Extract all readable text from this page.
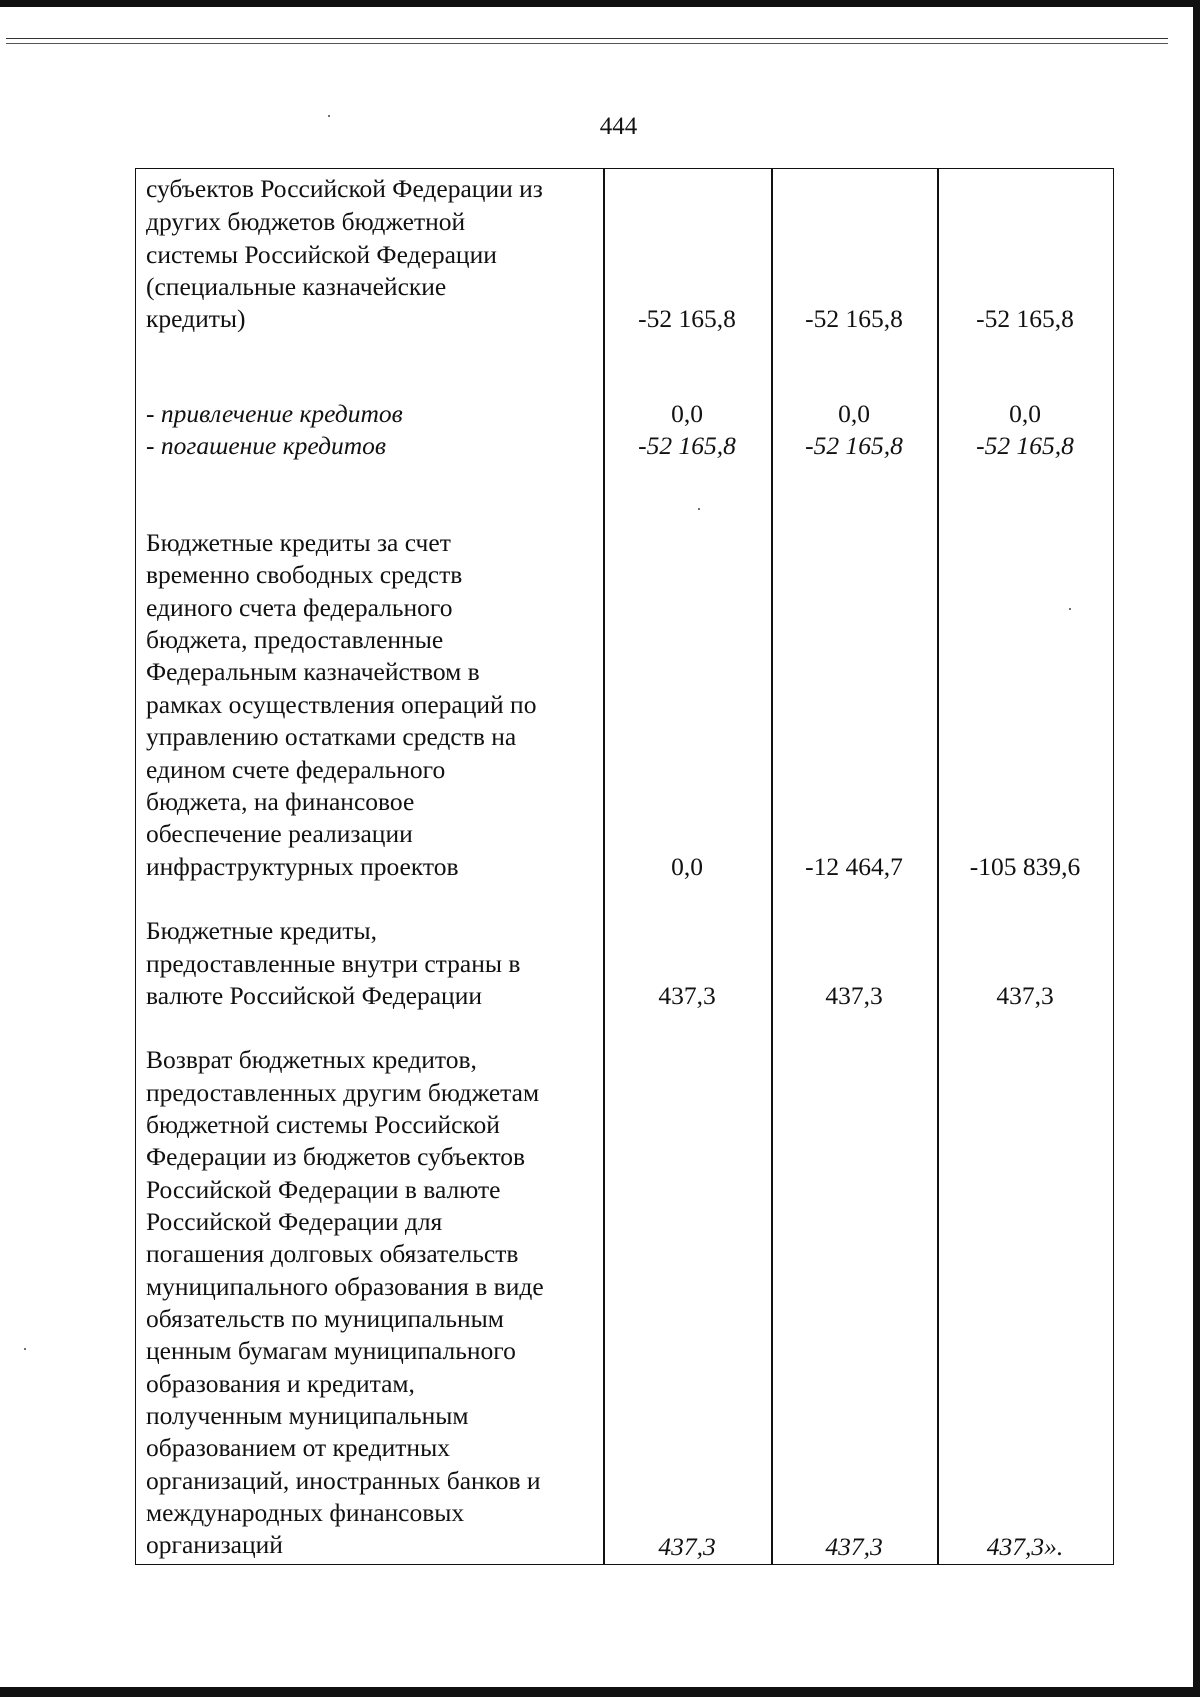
444
субъектов Российской Федерации из
других бюджетов бюджетной
системы Российской Федерации
(специальные казначейские
кредиты)	-52 165,8	-52 165,8	-52 165,8
- привлечение кредитов	0,0	0,0	0,0
- погашение кредитов	-52 165,8	-52 165,8	-52 165,8
Бюджетные кредиты за счет
временно свободных средств
единого счета федерального
бюджета, предоставленные
Федеральным казначейством в
рамках осуществления операций по
управлению остатками средств на
едином счете федерального
бюджета, на финансовое
обеспечение реализации
инфраструктурных проектов	0,0	-12 464,7	-105 839,6
Бюджетные кредиты,
предоставленные внутри страны в
валюте Российской Федерации	437,3	437,3	437,3
Возврат бюджетных кредитов,
предоставленных другим бюджетам
бюджетной системы Российской
Федерации из бюджетов субъектов
Российской Федерации в валюте
Российской Федерации для
погашения долговых обязательств
муниципального образования в виде
обязательств по муниципальным
ценным бумагам муниципального
образования и кредитам,
полученным муниципальным
образованием от кредитных
организаций, иностранных банков и
международных финансовых
организаций	437,3	437,3	437,3».
